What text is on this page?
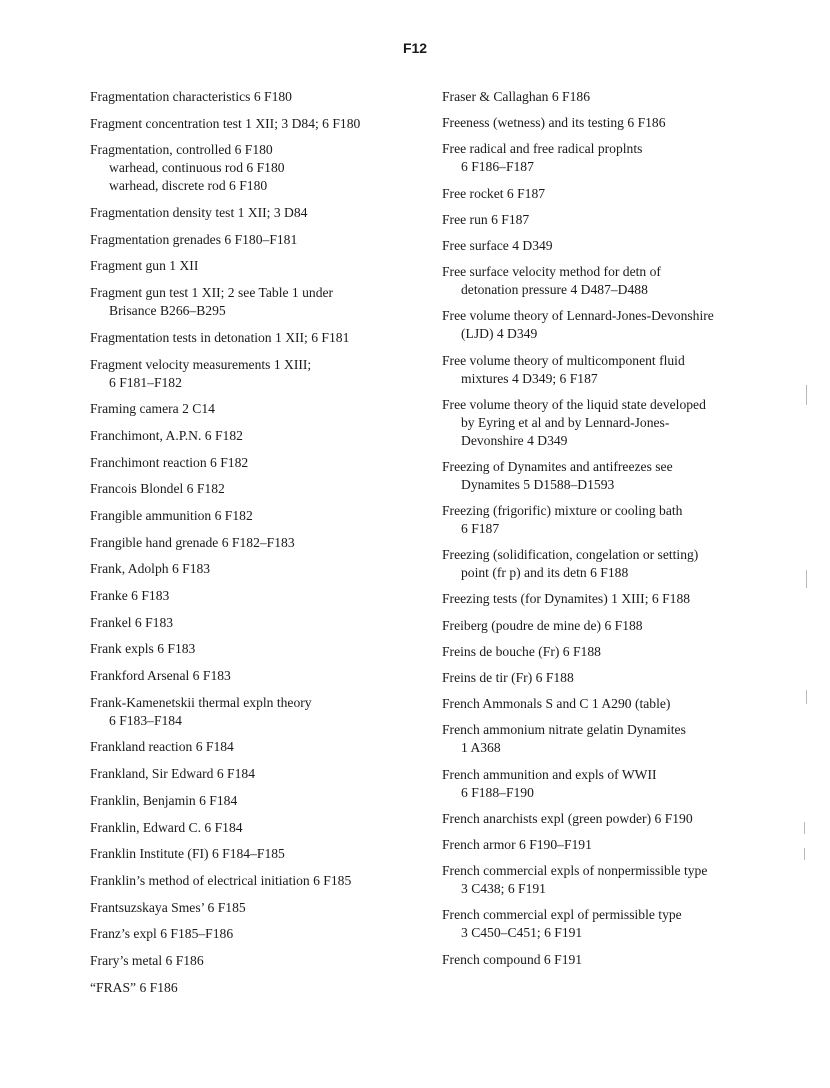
F12
Fragmentation characteristics 6 F180
Fragment concentration test 1 XII; 3 D84; 6 F180
Fragmentation, controlled 6 F180
warhead, continuous rod 6 F180
warhead, discrete rod 6 F180
Fragmentation density test 1 XII; 3 D84
Fragmentation grenades 6 F180–F181
Fragment gun 1 XII
Fragment gun test 1 XII; 2 see Table 1 under
Brisance B266–B295
Fragmentation tests in detonation 1 XII; 6 F181
Fragment velocity measurements 1 XIII;
6 F181–F182
Framing camera 2 C14
Franchimont, A.P.N. 6 F182
Franchimont reaction 6 F182
Francois Blondel 6 F182
Frangible ammunition 6 F182
Frangible hand grenade 6 F182–F183
Frank, Adolph 6 F183
Franke 6 F183
Frankel 6 F183
Frank expls 6 F183
Frankford Arsenal 6 F183
Frank-Kamenetskii thermal expln theory
6 F183–F184
Frankland reaction 6 F184
Frankland, Sir Edward 6 F184
Franklin, Benjamin 6 F184
Franklin, Edward C. 6 F184
Franklin Institute (FI) 6 F184–F185
Franklin’s method of electrical initiation 6 F185
Frantsuzskaya Smes’ 6 F185
Franz’s expl 6 F185–F186
Frary’s metal 6 F186
“FRAS” 6 F186
Fraser & Callaghan 6 F186
Freeness (wetness) and its testing 6 F186
Free radical and free radical proplnts
6 F186–F187
Free rocket 6 F187
Free run 6 F187
Free surface 4 D349
Free surface velocity method for detn of
detonation pressure 4 D487–D488
Free volume theory of Lennard-Jones-Devonshire
(LJD) 4 D349
Free volume theory of multicomponent fluid
mixtures 4 D349; 6 F187
Free volume theory of the liquid state developed
by Eyring et al and by Lennard-Jones-
Devonshire 4 D349
Freezing of Dynamites and antifreezes see
Dynamites 5 D1588–D1593
Freezing (frigorific) mixture or cooling bath
6 F187
Freezing (solidification, congelation or setting)
point (fr p) and its detn 6 F188
Freezing tests (for Dynamites) 1 XIII; 6 F188
Freiberg (poudre de mine de) 6 F188
Freins de bouche (Fr) 6 F188
Freins de tir (Fr) 6 F188
French Ammonals S and C 1 A290 (table)
French ammonium nitrate gelatin Dynamites
1 A368
French ammunition and expls of WWII
6 F188–F190
French anarchists expl (green powder) 6 F190
French armor 6 F190–F191
French commercial expls of nonpermissible type
3 C438; 6 F191
French commercial expl of permissible type
3 C450–C451; 6 F191
French compound 6 F191
